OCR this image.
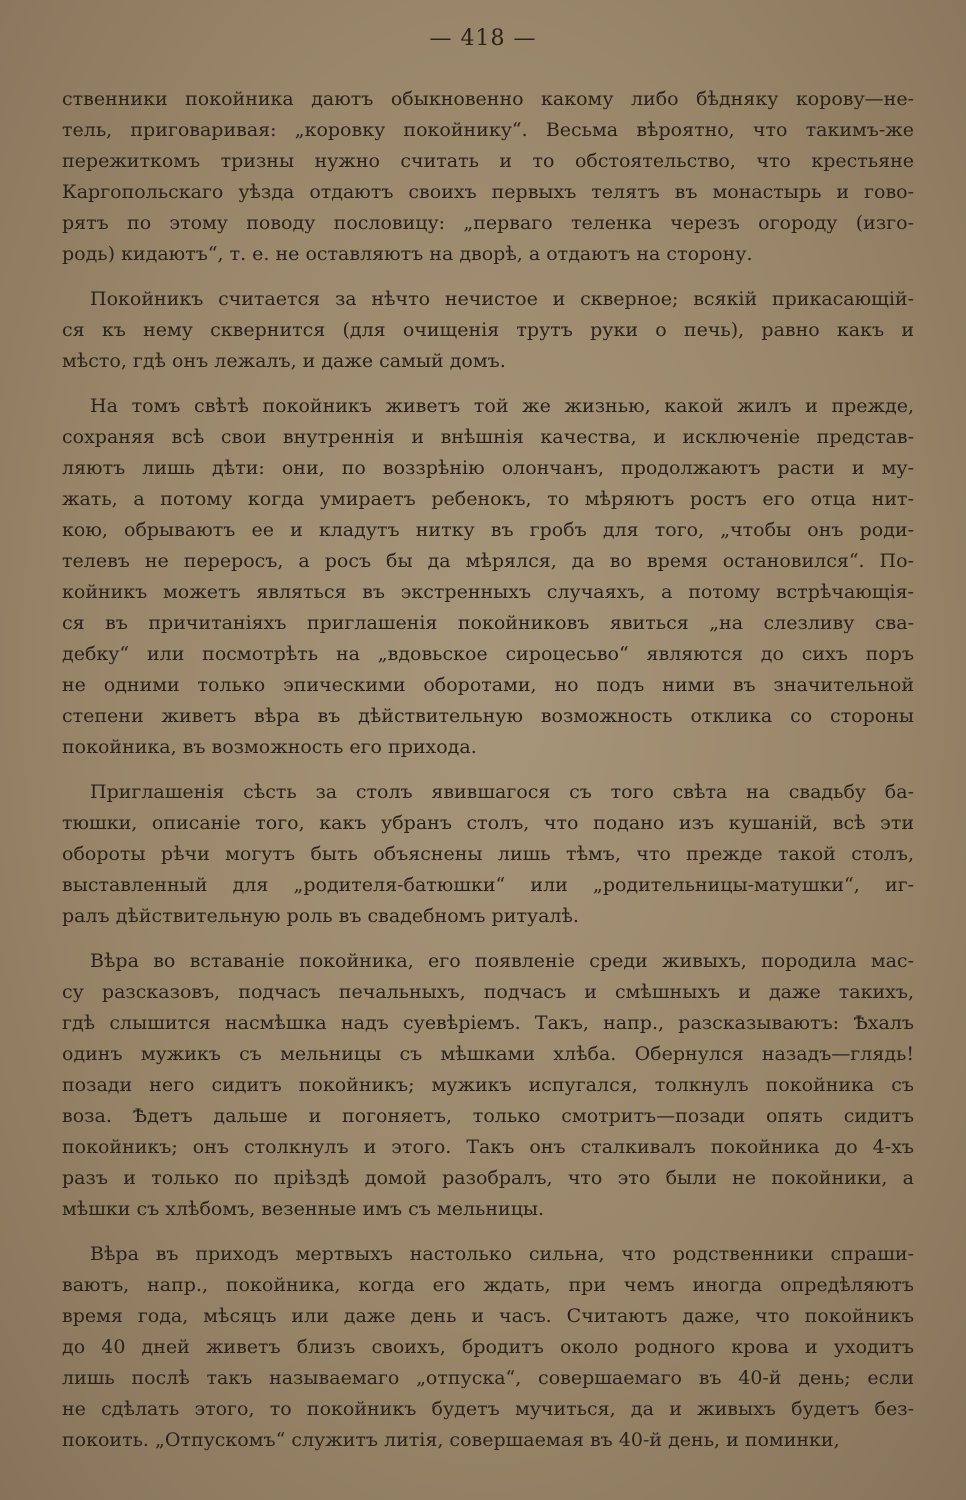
— 418 —
ственники покойника даютъ обыкновенно какому либо бѣдняку корову—не-
тель, приговаривая: „коровку покойнику“. Весьма вѣроятно, что такимъ-же
пережиткомъ тризны нужно считать и то обстоятельство, что крестьяне
Каргопольскаго уѣзда отдаютъ своихъ первыхъ телятъ въ монастырь и гово-
рятъ по этому поводу пословицу: „перваго теленка черезъ огороду (изго-
родь) кидаютъ“, т. е. не оставляютъ на дворѣ, а отдаютъ на сторону.
Покойникъ считается за нѣчто нечистое и скверное; всякій прикасающій-
ся къ нему сквернится (для очищенія трутъ руки о печь), равно какъ и
мѣсто, гдѣ онъ лежалъ, и даже самый домъ.
На томъ свѣтѣ покойникъ живетъ той же жизнью, какой жилъ и прежде,
сохраняя всѣ свои внутреннія и внѣшнія качества, и исключеніе представ-
ляютъ лишь дѣти: они, по воззрѣнію олончанъ, продолжаютъ расти и му-
жать, а потому когда умираетъ ребенокъ, то мѣряютъ ростъ его отца нит-
кою, обрываютъ ее и кладутъ нитку въ гробъ для того, „чтобы онъ роди-
телевъ не переросъ, а росъ бы да мѣрялся, да во время остановился“. По-
койникъ можетъ являться въ экстренныхъ случаяхъ, а потому встрѣчающія-
ся въ причитаніяхъ приглашенія покойниковъ явиться „на слезливу сва-
дебку“ или посмотрѣть на „вдовьское сироцесьво“ являются до сихъ поръ
не одними только эпическими оборотами, но подъ ними въ значительной
степени живетъ вѣра въ дѣйствительную возможность отклика со стороны
покойника, въ возможность его прихода.
Приглашенія сѣсть за столъ явившагося съ того свѣта на свадьбу ба-
тюшки, описаніе того, какъ убранъ столъ, что подано изъ кушаній, всѣ эти
обороты рѣчи могутъ быть объяснены лишь тѣмъ, что прежде такой столъ,
выставленный для „родителя-батюшки“ или „родительницы-матушки“, иг-
ралъ дѣйствительную роль въ свадебномъ ритуалѣ.
Вѣра во вставаніе покойника, его появленіе среди живыхъ, породила мас-
су разсказовъ, подчасъ печальныхъ, подчасъ и смѣшныхъ и даже такихъ,
гдѣ слышится насмѣшка надъ суевѣріемъ. Такъ, напр., разсказываютъ: Ѣхалъ
одинъ мужикъ съ мельницы съ мѣшками хлѣба. Обернулся назадъ—глядь!
позади него сидитъ покойникъ; мужикъ испугался, толкнулъ покойника съ
воза. Ѣдетъ дальше и погоняетъ, только смотритъ—позади опять сидитъ
покойникъ; онъ столкнулъ и этого. Такъ онъ сталкивалъ покойника до 4-хъ
разъ и только по пріѣздѣ домой разобралъ, что это были не покойники, а
мѣшки съ хлѣбомъ, везенные имъ съ мельницы.
Вѣра въ приходъ мертвыхъ настолько сильна, что родственники спраши-
ваютъ, напр., покойника, когда его ждать, при чемъ иногда опредѣляютъ
время года, мѣсяцъ или даже день и часъ. Считаютъ даже, что покойникъ
до 40 дней живетъ близъ своихъ, бродитъ около родного крова и уходитъ
лишь послѣ такъ называемаго „отпуска“, совершаемаго въ 40-й день; если
не сдѣлать этого, то покойникъ будетъ мучиться, да и живыхъ будетъ без-
покоить. „Отпускомъ“ служитъ литія, совершаемая въ 40-й день, и поминки,
